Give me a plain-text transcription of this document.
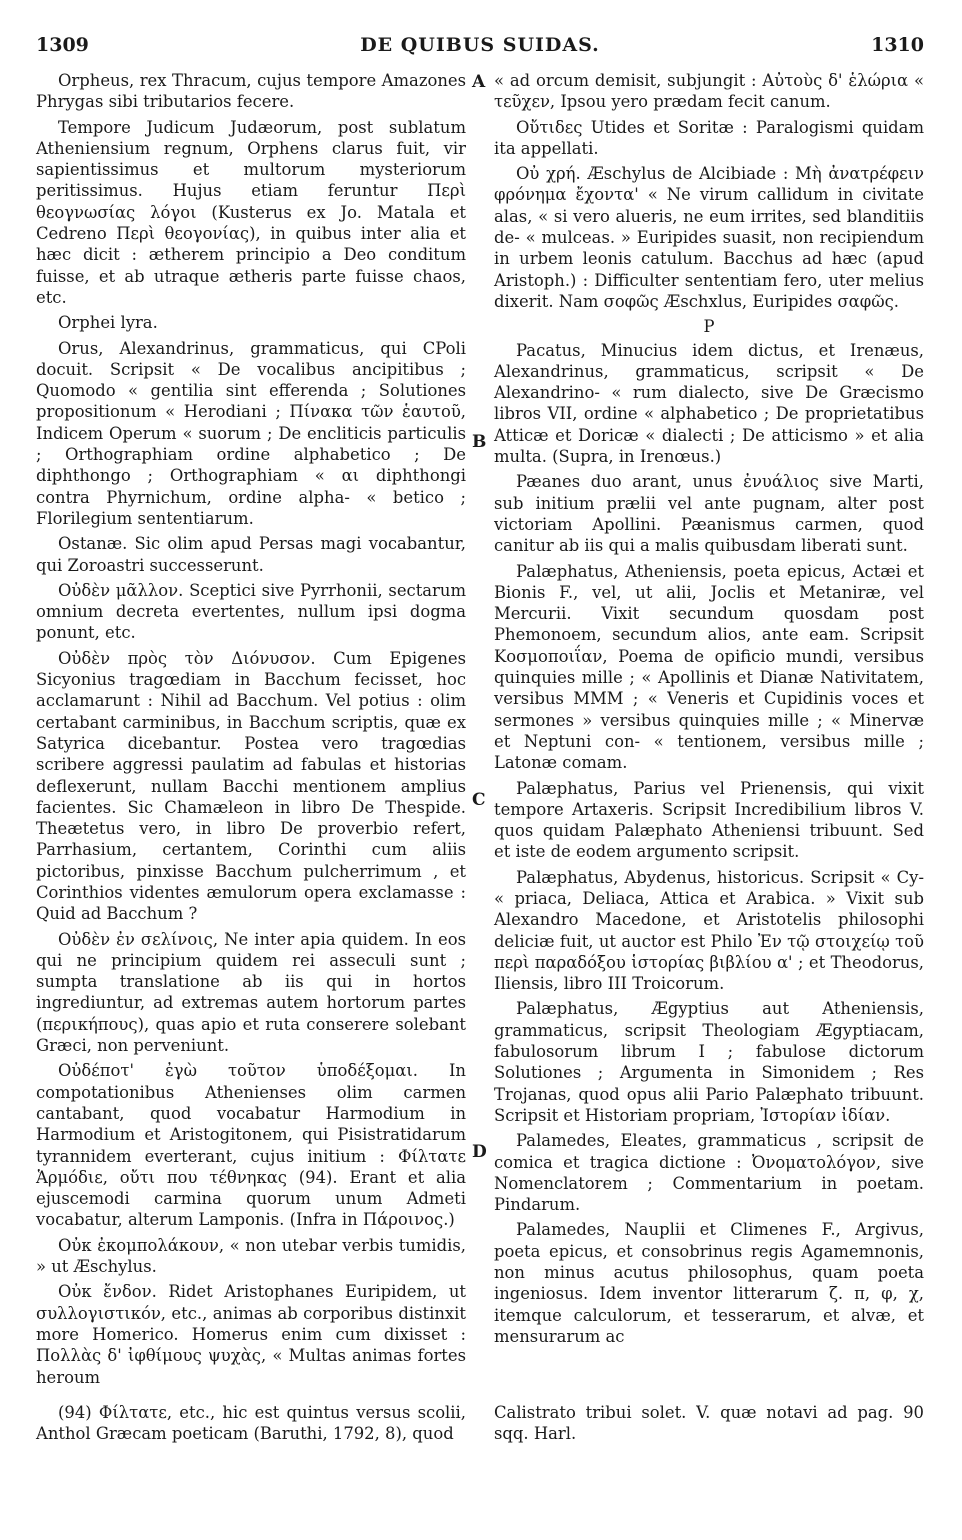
1309	DE QUIBUS SUIDAS.	1310

Orpheus, rex Thracum, cujus tempore Amazones Phrygas sibi tributarios fecere.

Tempore Judicum Judæorum, post sublatum Atheniensium regnum, Orphens clarus fuit, vir sapientissimus et multorum mysteriorum peritissimus. Hujus etiam feruntur Περὶ θεογνωσίας λόγοι (Kusterus ex Jo. Matala et Cedreno Περὶ θεογονίας), in quibus inter alia et hæc dicit : ætherem principio a Deo conditum fuisse, et ab utraque ætheris parte fuisse chaos, etc.

Orphei lyra.

Orus, Alexandrinus, grammaticus, qui CPoli docuit. Scripsit « De vocalibus ancipitibus ; Quomodo « gentilia sint efferenda ; Solutiones propositionum « Herodiani ; Πίνακα τῶν ἑαυτοῦ, Indicem Operum « suorum ; De encliticis particulis ; Orthographiam ordine alphabetico ; De diphthongo ; Orthographiam « αι diphthongi contra Phyrnichum, ordine alpha- « betico ; Florilegium sententiarum.

Ostanæ. Sic olim apud Persas magi vocabantur, qui Zoroastri successerunt.

Οὐδὲν μᾶλλον. Sceptici sive Pyrrhonii, sectarum omnium decreta evertentes, nullum ipsi dogma ponunt, etc.

Οὐδὲν πρὸς τὸν Διόνυσον. Cum Epigenes Sicyonius tragœdiam in Bacchum fecisset, hoc acclamarunt : Nihil ad Bacchum. Vel potius : olim certabant carminibus, in Bacchum scriptis, quæ ex Satyrica dicebantur. Postea vero tragœdias scribere aggressi paulatim ad fabulas et historias deflexerunt, nullam Bacchi mentionem amplius facientes. Sic Chamæleon in libro De Thespide. Theætetus vero, in libro De proverbio refert, Parrhasium, certantem, Corinthi cum aliis pictoribus, pinxisse Bacchum pulcherrimum , et Corinthios videntes æmulorum opera exclamasse : Quid ad Bacchum ?

Οὐδὲν ἐν σελίνοις, Ne inter apia quidem. In eos qui ne principium quidem rei asseculi sunt ; sumpta translatione ab iis qui in hortos ingrediuntur, ad extremas autem hortorum partes (περικήπους), quas apio et ruta conserere solebant Græci, non perveniunt.

Οὐδέποτ' ἐγὼ τοῦτον ὑποδέξομαι. In compotationibus Athenienses olim carmen cantabant, quod vocabatur Harmodium in Harmodium et Aristogitonem, qui Pisistratidarum tyrannidem everterant, cujus initium : Φίλτατε Ἁρμόδιε, οὔτι που τέθνηκας (94). Erant et alia ejuscemodi carmina quorum unum Admeti vocabatur, alterum Lamponis. (Infra in Πάροινος.)

Οὐκ ἐκομπολάκουν, « non utebar verbis tumidis, » ut Æschylus.

Οὐκ ἔνδον. Ridet Aristophanes Euripidem, ut συλλογιστικόν, etc., animas ab corporibus distinxit more Homerico. Homerus enim cum dixisset : Πολλὰς δ' ἰφθίμους ψυχὰς, « Multas animas fortes heroum

A
B
C
D

« ad orcum demisit, subjungit : Αὐτοὺς δ' ἑλώρια « τεῦχεν, Ipsou yero prædam fecit canum.

Οὔτιδες Utides et Soritæ : Paralogismi quidam ita appellati.

Οὐ χρή. Æschylus de Alcibiade : Μὴ ἀνατρέφειν φρόνημα ἔχοντα' « Ne virum callidum in civitate alas, « si vero alueris, ne eum irrites, sed blanditiis de- « mulceas. » Euripides suasit, non recipiendum in urbem leonis catulum. Bacchus ad hæc (apud Aristoph.) : Difficulter sententiam fero, uter melius dixerit. Nam σοφῶς Æschxlus, Euripides σαφῶς.

P

Pacatus, Minucius idem dictus, et Irenæus, Alexandrinus, grammaticus, scripsit « De Alexandrino- « rum dialecto, sive De Græcismo libros VII, ordine « alphabetico ; De proprietatibus Atticæ et Doricæ « dialecti ; De atticismo » et alia multa. (Supra, in Irenœus.)

Pæanes duo arant, unus ἐνυάλιος sive Marti, sub initium prælii vel ante pugnam, alter post victoriam Apollini. Pæanismus carmen, quod canitur ab iis qui a malis quibusdam liberati sunt.

Palæphatus, Atheniensis, poeta epicus, Actæi et Bionis F., vel, ut alii, Joclis et Metaniræ, vel Mercurii. Vixit secundum quosdam post Phemonoem, secundum alios, ante eam. Scripsit Κοσμοποιΐαν, Poema de opificio mundi, versibus quinquies mille ; « Apollinis et Dianæ Nativitatem, versibus MMM ; « Veneris et Cupidinis voces et sermones » versibus quinquies mille ; « Minervæ et Neptuni con- « tentionem, versibus mille ; Latonæ comam.

Palæphatus, Parius vel Prienensis, qui vixit tempore Artaxeris. Scripsit Incredibilium libros V. quos quidam Palæphato Atheniensi tribuunt. Sed et iste de eodem argumento scripsit.

Palæphatus, Abydenus, historicus. Scripsit « Cy- « priaca, Deliaca, Attica et Arabica. » Vixit sub Alexandro Macedone, et Aristotelis philosophi deliciæ fuit, ut auctor est Philo Ἐν τῷ στοιχείῳ τοῦ περὶ παραδόξου ἱστορίας βιβλίου α' ; et Theodorus, Iliensis, libro III Troicorum.

Palæphatus, Ægyptius aut Atheniensis, grammaticus, scripsit Theologiam Ægyptiacam, fabulosorum librum I ; fabulose dictorum Solutiones ; Argumenta in Simonidem ; Res Trojanas, quod opus alii Pario Palæphato tribuunt. Scripsit et Historiam propriam, Ἰστορίαν ἰδίαν.

Palamedes, Eleates, grammaticus , scripsit de comica et tragica dictione : Ὀνοματολόγον, sive Nomenclatorem ; Commentarium in poetam. Pindarum.

Palamedes, Nauplii et Climenes F., Argivus, poeta epicus, et consobrinus regis Agamemnonis, non minus acutus philosophus, quam poeta ingeniosus. Idem inventor litterarum ζ. π, φ, χ, itemque calculorum, et tesserarum, et alvæ, et mensurarum ac

(94) Φίλτατε, etc., hic est quintus versus scolii, Anthol Græcam poeticam (Baruthi, 1792, 8), quod

Calistrato tribui solet. V. quæ notavi ad pag. 90 sqq. Harl.
